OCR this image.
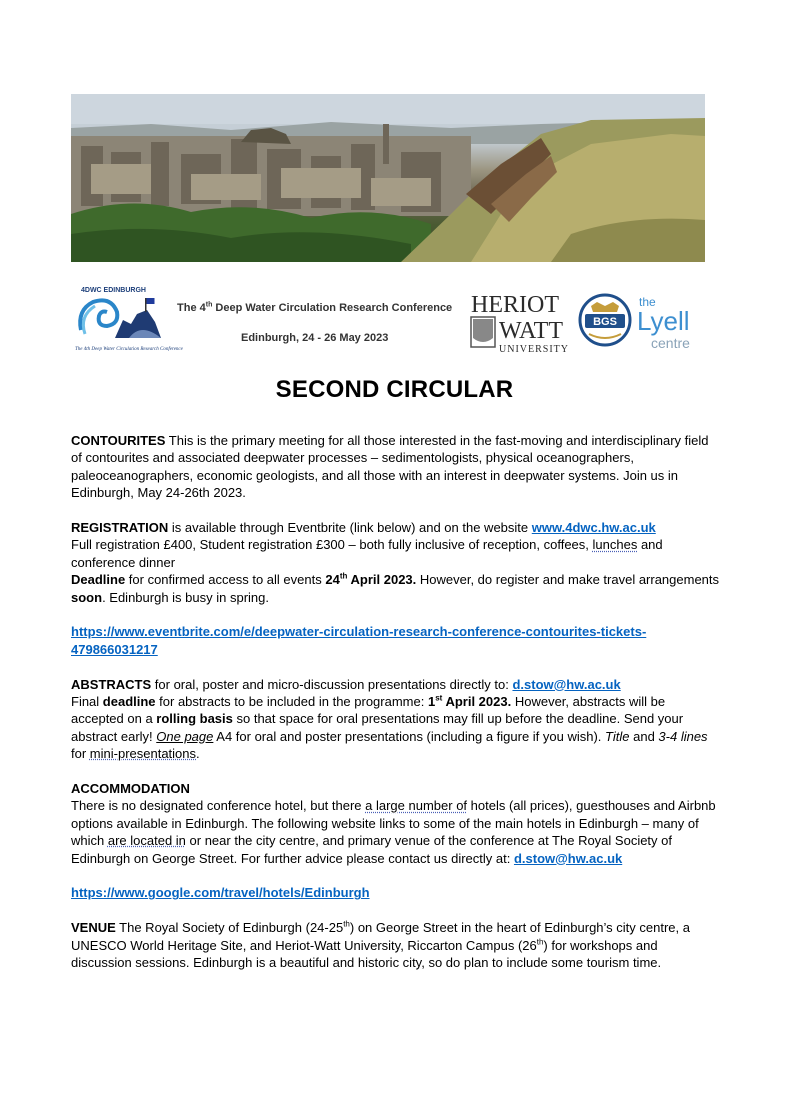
4DWC EDINBURGH
The 4th Deep Water Circulation Research Conference
The 4th Deep Water Circulation Research Conference
Edinburgh, 24 - 26 May 2023
HERIOT
WATT
UNIVERSITY
BGS
the
Lyell
centre
SECOND CIRCULAR

CONTOURITES This is the primary meeting for all those interested in the fast-moving and interdisciplinary field of contourites and associated deepwater processes – sedimentologists, physical oceanographers, paleoceanographers, economic geologists, and all those with an interest in deepwater systems. Join us in Edinburgh, May 24-26th 2023.

REGISTRATION is available through Eventbrite (link below) and on the website www.4dwc.hw.ac.uk
Full registration £400, Student registration £300 – both fully inclusive of reception, coffees, lunches and conference dinner
Deadline for confirmed access to all events 24th April 2023. However, do register and make travel arrangements soon. Edinburgh is busy in spring.

https://www.eventbrite.com/e/deepwater-circulation-research-conference-contourites-tickets-479866031217

ABSTRACTS for oral, poster and micro-discussion presentations directly to: d.stow@hw.ac.uk
Final deadline for abstracts to be included in the programme: 1st April 2023. However, abstracts will be accepted on a rolling basis so that space for oral presentations may fill up before the deadline. Send your abstract early! One page A4 for oral and poster presentations (including a figure if you wish). Title and 3-4 lines for mini-presentations.

ACCOMMODATION
There is no designated conference hotel, but there a large number of hotels (all prices), guesthouses and Airbnb options available in Edinburgh. The following website links to some of the main hotels in Edinburgh – many of which are located in or near the city centre, and primary venue of the conference at The Royal Society of Edinburgh on George Street. For further advice please contact us directly at: d.stow@hw.ac.uk

https://www.google.com/travel/hotels/Edinburgh

VENUE The Royal Society of Edinburgh (24-25th) on George Street in the heart of Edinburgh’s city centre, a UNESCO World Heritage Site, and Heriot-Watt University, Riccarton Campus (26th) for workshops and discussion sessions. Edinburgh is a beautiful and historic city, so do plan to include some tourism time.
